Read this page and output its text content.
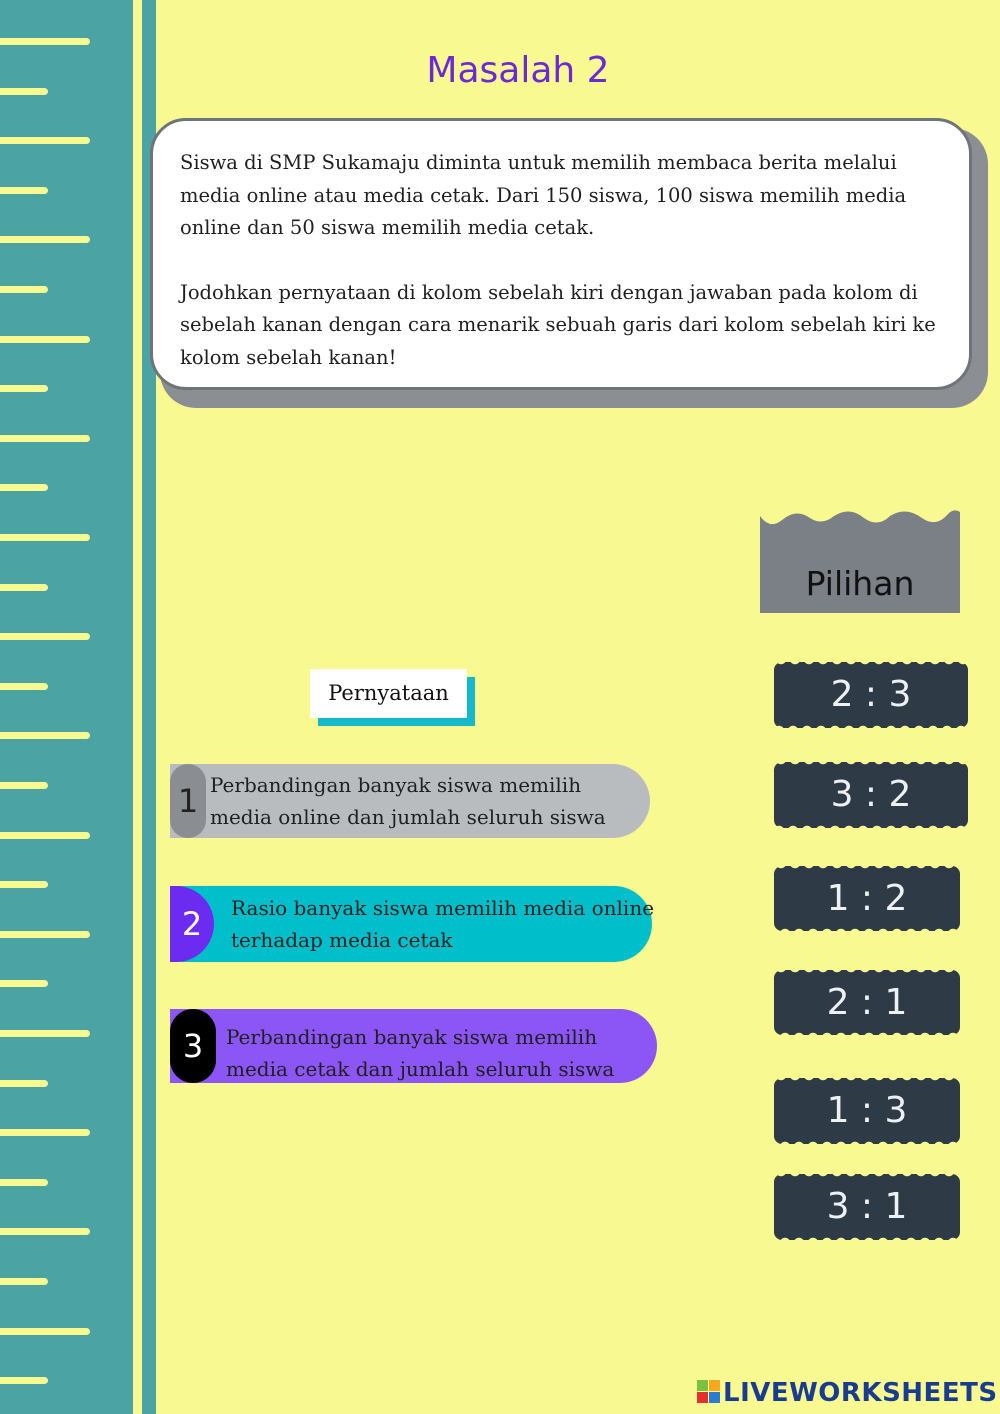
Masalah 2

Siswa di SMP Sukamaju diminta untuk memilih membaca berita melalui media online atau media cetak. Dari 150 siswa, 100 siswa memilih media online dan 50 siswa memilih media cetak.

Jodohkan pernyataan di kolom sebelah kiri dengan jawaban pada kolom di sebelah kanan dengan cara menarik sebuah garis dari kolom sebelah kiri ke kolom sebelah kanan!

Pilihan
Pernyataan
1 Perbandingan banyak siswa memilih
media online dan jumlah seluruh siswa
2	Rasio banyak siswa memilih media online
terhadap media cetak
3	Perbandingan banyak siswa memilih
media cetak dan jumlah seluruh siswa
2 : 3
3 : 2
1 : 2
2 : 1
1 : 3
3 : 1
LIVEWORKSHEETS
